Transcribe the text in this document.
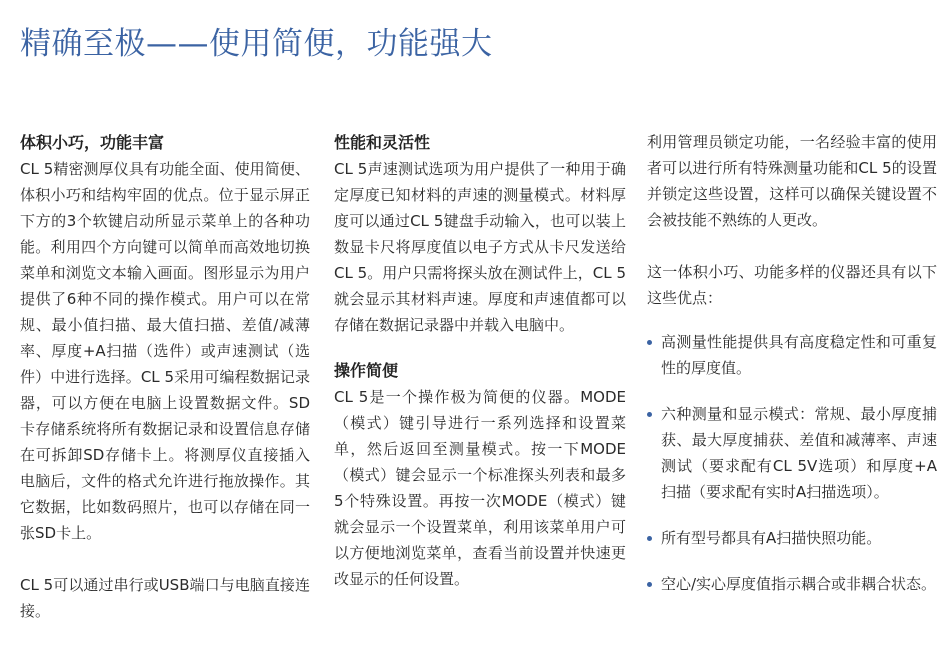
精确至极——使用简便，功能强大
体积小巧，功能丰富

CL 5精密测厚仪具有功能全面、使用简便、体积小巧和结构牢固的优点。位于显示屏正下方的3个软键启动所显示菜单上的各种功能。利用四个方向键可以简单而高效地切换菜单和浏览文本输入画面。图形显示为用户提供了6种不同的操作模式。用户可以在常规、最小值扫描、最大值扫描、差值/减薄率、厚度+A扫描（选件）或声速测试（选件）中进行选择。CL 5采用可编程数据记录器，可以方便在电脑上设置数据文件。SD卡存储系统将所有数据记录和设置信息存储在可拆卸SD存储卡上。将测厚仪直接插入电脑后，文件的格式允许进行拖放操作。其它数据，比如数码照片，也可以存储在同一张SD卡上。

CL 5可以通过串行或USB端口与电脑直接连接。

性能和灵活性

CL 5声速测试选项为用户提供了一种用于确定厚度已知材料的声速的测量模式。材料厚度可以通过CL 5键盘手动输入，也可以装上数显卡尺将厚度值以电子方式从卡尺发送给CL 5。用户只需将探头放在测试件上，CL 5就会显示其材料声速。厚度和声速值都可以存储在数据记录器中并载入电脑中。

操作简便

CL 5是一个操作极为简便的仪器。MODE（模式）键引导进行一系列选择和设置菜单，然后返回至测量模式。按一下MODE（模式）键会显示一个标准探头列表和最多5个特殊设置。再按一次MODE（模式）键就会显示一个设置菜单，利用该菜单用户可以方便地浏览菜单，查看当前设置并快速更改显示的任何设置。

利用管理员锁定功能，一名经验丰富的使用者可以进行所有特殊测量功能和CL 5的设置并锁定这些设置，这样可以确保关键设置不会被技能不熟练的人更改。

这一体积小巧、功能多样的仪器还具有以下这些优点：

高测量性能提供具有高度稳定性和可重复性的厚度值。
六种测量和显示模式：常规、最小厚度捕获、最大厚度捕获、差值和减薄率、声速测试（要求配有CL 5V选项）和厚度+A扫描（要求配有实时A扫描选项）。
所有型号都具有A扫描快照功能。
空心/实心厚度值指示耦合或非耦合状态。
